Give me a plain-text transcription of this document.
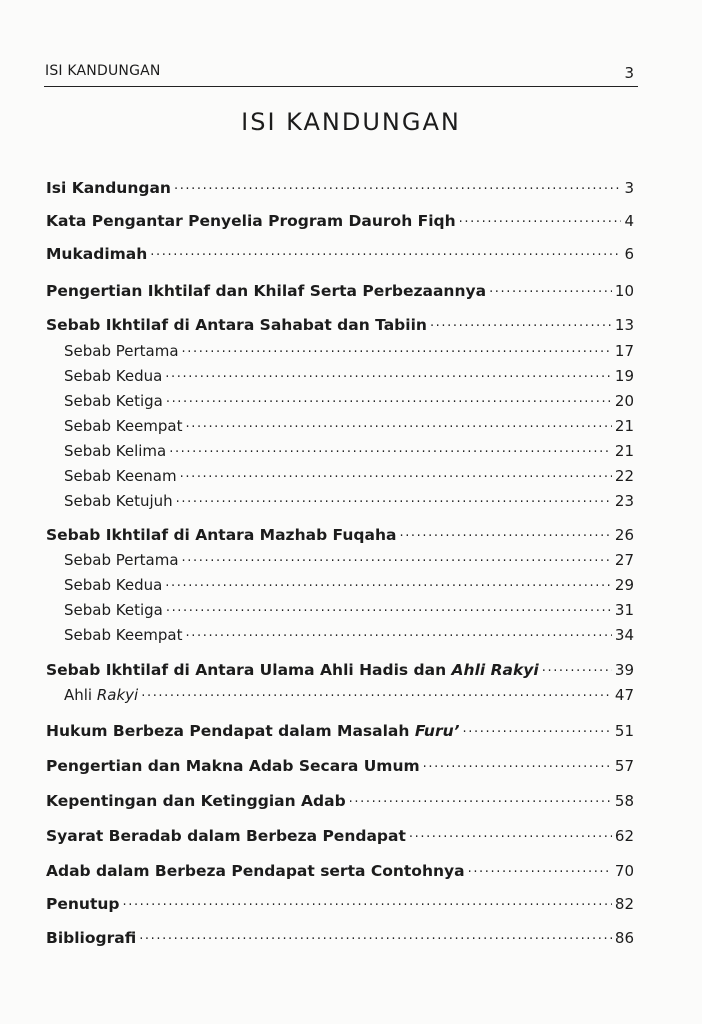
ISI KANDUNGAN	3
ISI KANDUNGAN
Isi Kandungan .....	3
Kata Pengantar Penyelia Program Dauroh Fiqh .....	4
Mukadimah .....	6
Pengertian Ikhtilaf dan Khilaf Serta Perbezaannya .....	10
Sebab Ikhtilaf di Antara Sahabat dan Tabiin .....	13
Sebab Pertama .....	17
Sebab Kedua .....	19
Sebab Ketiga .....	20
Sebab Keempat .....	21
Sebab Kelima .....	21
Sebab Keenam .....	22
Sebab Ketujuh .....	23
Sebab Ikhtilaf di Antara Mazhab Fuqaha .....	26
Sebab Pertama .....	27
Sebab Kedua .....	29
Sebab Ketiga .....	31
Sebab Keempat .....	34
Sebab Ikhtilaf di Antara Ulama Ahli Hadis dan Ahli Rakyi .....	39
Ahli Rakyi .....	47
Hukum Berbeza Pendapat dalam Masalah Furu’ .....	51
Pengertian dan Makna Adab Secara Umum .....	57
Kepentingan dan Ketinggian Adab .....	58
Syarat Beradab dalam Berbeza Pendapat .....	62
Adab dalam Berbeza Pendapat serta Contohnya .....	70
Penutup .....	82
Bibliografi .....	86
